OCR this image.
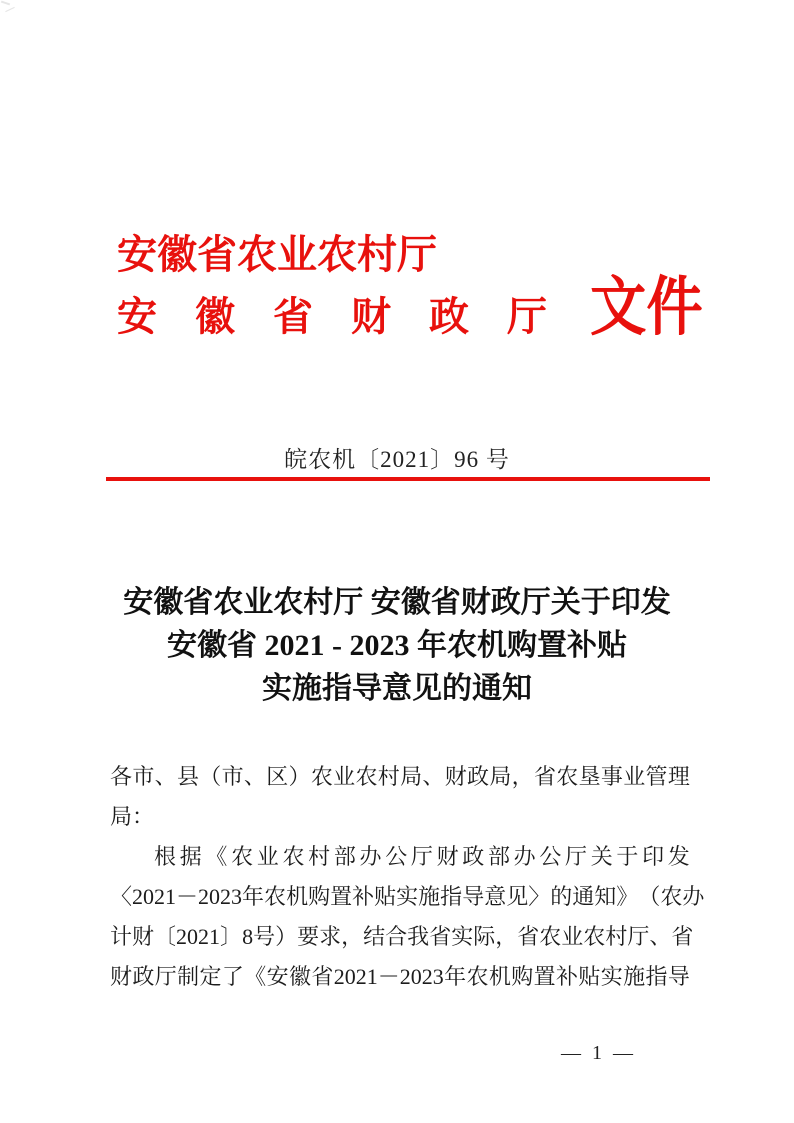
安 徽 省 农 业 农 村 厅
安 徽 省 财 政 厅 文件
皖农机〔2021〕96 号
安徽省农业农村厅 安徽省财政厅关于印发
安徽省 2021 - 2023 年农机购置补贴
实施指导意见的通知
各 市 、 县 （ 市 、 区 ） 农 业 农 村 局 、 财 政 局 ， 省 农 垦 事 业 管 理
局：
根 据 《 农 业 农 村 部 办 公 厅 财 政 部 办 公 厅 关 于 印 发
〈 2021－2023 年 农 机 购 置 补 贴 实 施 指 导 意 见 〉 的 通 知 》 （ 农 办
计 财 〔 2021 〕 8 号 ） 要 求 ， 结 合 我 省 实 际 ， 省 农 业 农 村 厅 、 省
财 政 厅 制 定 了 《 安 徽 省 2021－2023 年 农 机 购 置 补 贴 实 施 指 导
— 1 —
